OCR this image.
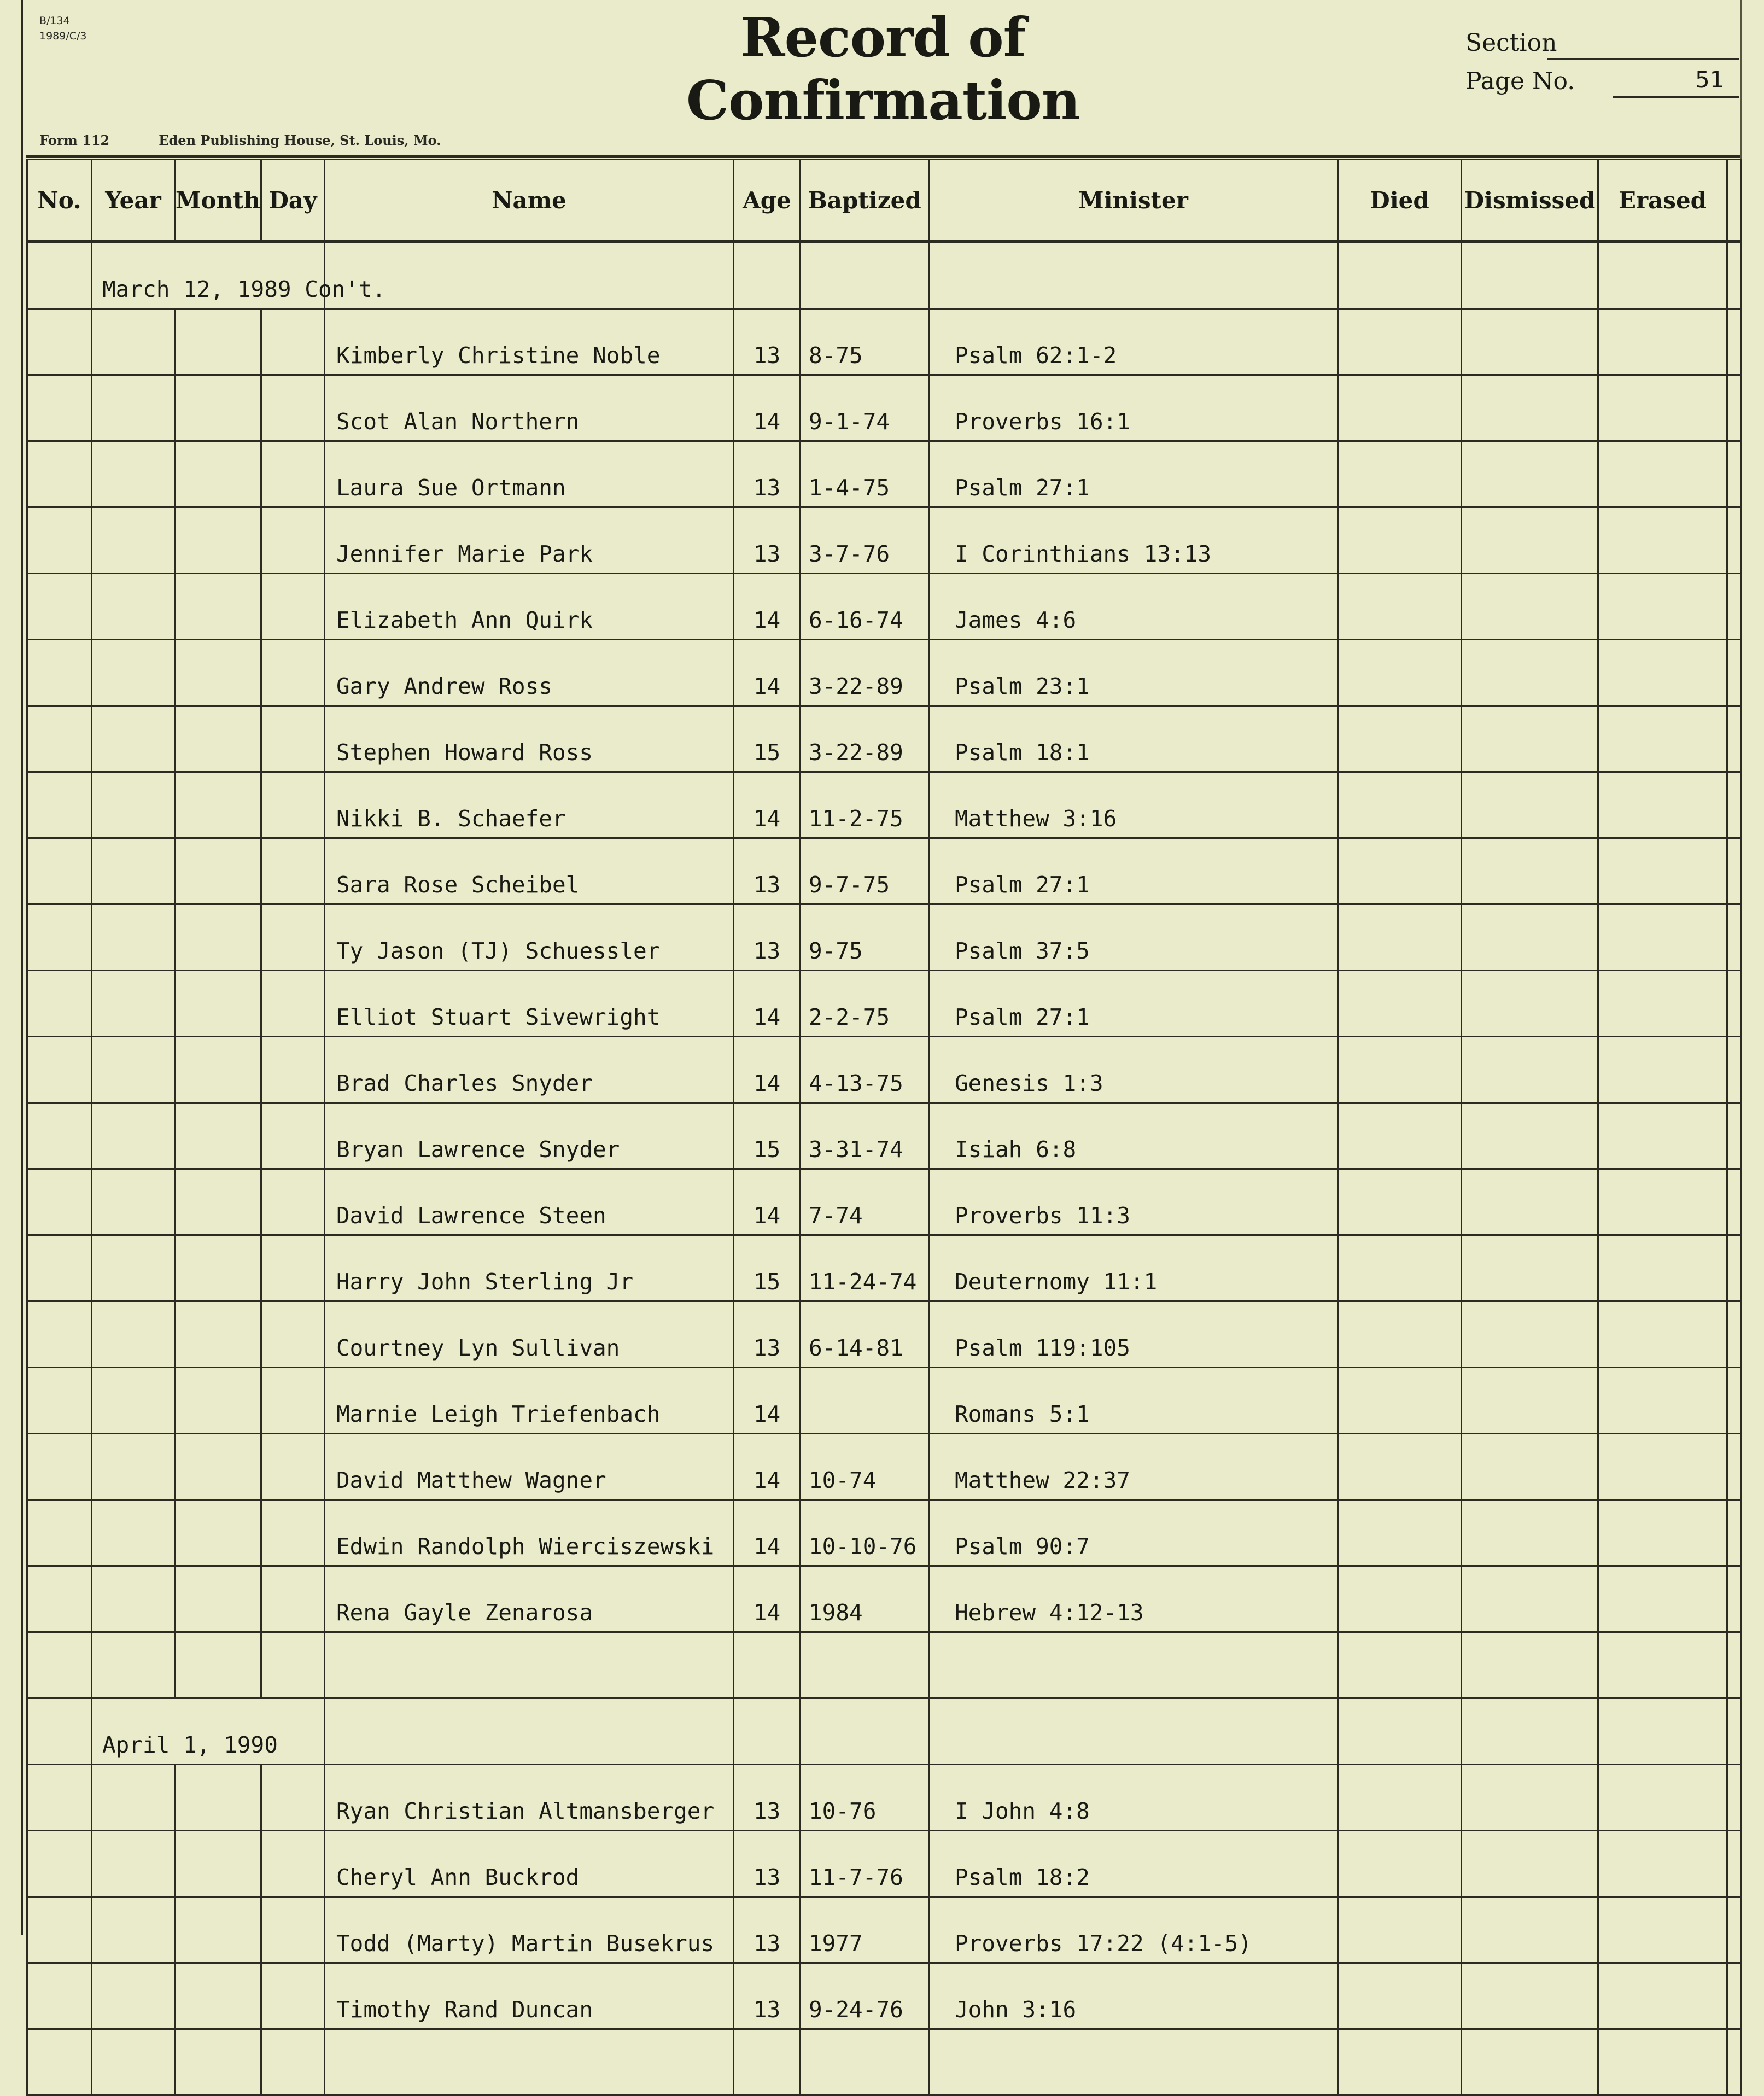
B/134
1989/C/3	Record of Confirmation
Section
Page No.	51
Form 112	Eden Publishing House, St. Louis, Mo.
No.	Year	Month	Day	Name	Age	Baptized	Minister	Died	Dismissed	Erased	
	March 12, 1989 Con't.										
				Kimberly Christine Noble	13	8-75	Psalm 62:1-2				
				Scot Alan Northern	14	9-1-74	Proverbs 16:1				
				Laura Sue Ortmann	13	1-4-75	Psalm 27:1				
				Jennifer Marie Park	13	3-7-76	I Corinthians 13:13				
				Elizabeth Ann Quirk	14	6-16-74	James 4:6				
				Gary Andrew Ross	14	3-22-89	Psalm 23:1				
				Stephen Howard Ross	15	3-22-89	Psalm 18:1				
				Nikki B. Schaefer	14	11-2-75	Matthew 3:16				
				Sara Rose Scheibel	13	9-7-75	Psalm 27:1				
				Ty Jason (TJ) Schuessler	13	9-75	Psalm 37:5				
				Elliot Stuart Sivewright	14	2-2-75	Psalm 27:1				
				Brad Charles Snyder	14	4-13-75	Genesis 1:3				
				Bryan Lawrence Snyder	15	3-31-74	Isiah 6:8				
				David Lawrence Steen	14	7-74	Proverbs 11:3				
				Harry John Sterling Jr	15	11-24-74	Deuternomy 11:1				
				Courtney Lyn Sullivan	13	6-14-81	Psalm 119:105				
				Marnie Leigh Triefenbach	14		Romans 5:1				
				David Matthew Wagner	14	10-74	Matthew 22:37				
				Edwin Randolph Wierciszewski	14	10-10-76	Psalm 90:7				
				Rena Gayle Zenarosa	14	1984	Hebrew 4:12-13				

	April 1, 1990										
				Ryan Christian Altmansberger	13	10-76	I John 4:8				
				Cheryl Ann Buckrod	13	11-7-76	Psalm 18:2				
				Todd (Marty) Martin Busekrus	13	1977	Proverbs 17:22 (4:1-5)				
				Timothy Rand Duncan	13	9-24-76	John 3:16				
